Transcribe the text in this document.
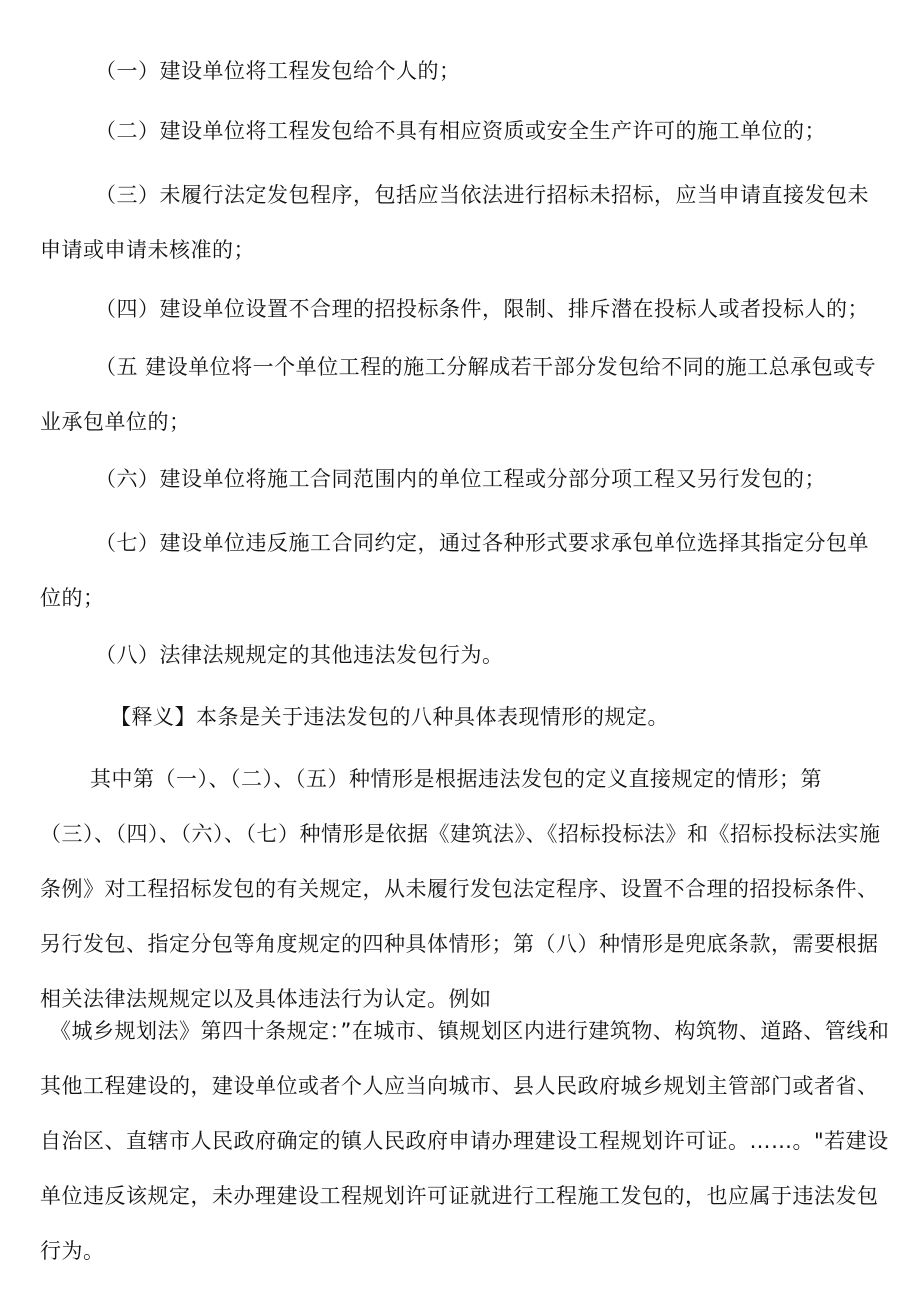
（一）建设单位将工程发包给个人的；

（二）建设单位将工程发包给不具有相应资质或安全生产许可的施工单位的；

（三）未履行法定发包程序，包括应当依法进行招标未招标，应当申请直接发包未申请或申请未核准的；

（四）建设单位设置不合理的招投标条件，限制、排斥潜在投标人或者投标人的；

（五 建设单位将一个单位工程的施工分解成若干部分发包给不同的施工总承包或专业承包单位的；

（六）建设单位将施工合同范围内的单位工程或分部分项工程又另行发包的；

（七）建设单位违反施工合同约定，通过各种形式要求承包单位选择其指定分包单位的；

（八）法律法规规定的其他违法发包行为。

【释义】本条是关于违法发包的八种具体表现情形的规定。

其中第（一）、（二）、（五）种情形是根据违法发包的定义直接规定的情形；第（三）、（四）、（六）、（七）种情形是依据《建筑法》、《招标投标法》和《招标投标法实施条例》对工程招标发包的有关规定，从未履行发包法定程序、设置不合理的招投标条件、另行发包、指定分包等角度规定的四种具体情形；第（八）种情形是兜底条款，需要根据相关法律法规规定以及具体违法行为认定。例如

《城乡规划法》第四十条规定：”在城市、镇规划区内进行建筑物、构筑物、道路、管线和其他工程建设的，建设单位或者个人应当向城市、县人民政府城乡规划主管部门或者省、自治区、直辖市人民政府确定的镇人民政府申请办理建设工程规划许可证。……。"若建设单位违反该规定，未办理建设工程规划许可证就进行工程施工发包的，也应属于违法发包行为。
